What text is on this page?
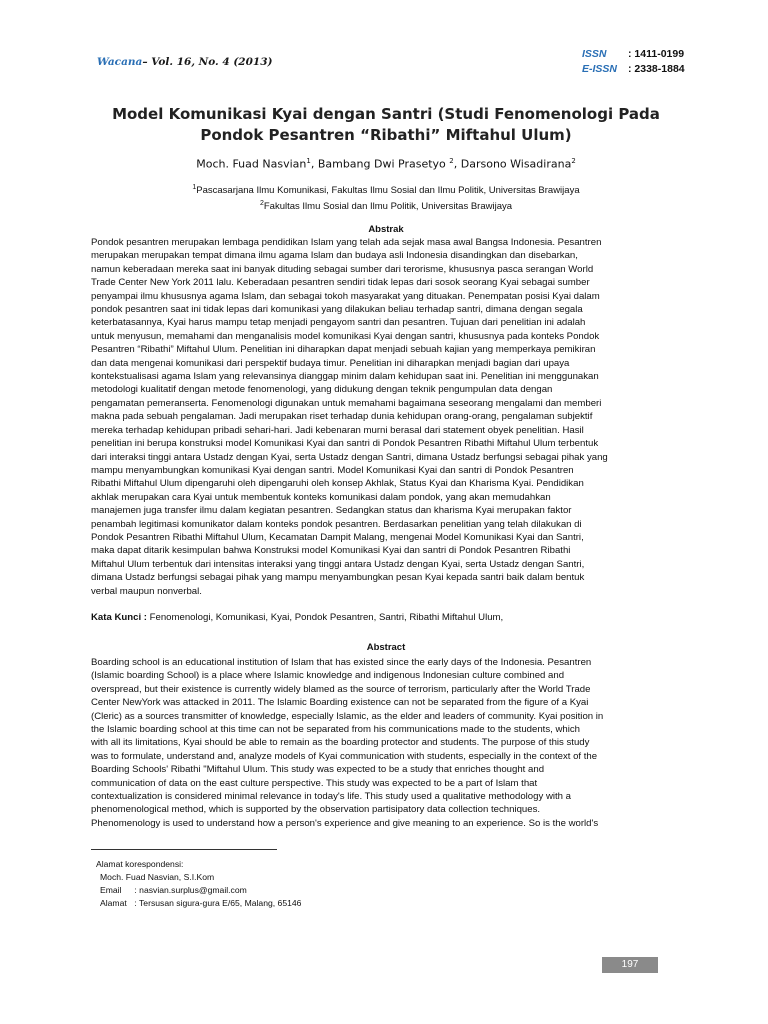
Wacana– Vol. 16, No. 4 (2013)
ISSN	: 1411-0199
E-ISSN	: 2338-1884
Model Komunikasi Kyai dengan Santri (Studi Fenomenologi Pada
Pondok Pesantren “Ribathi” Miftahul Ulum)
Moch. Fuad Nasvian$^1$, Bambang Dwi Prasetyo $^2$, Darsono Wisadirana$^2$
$^1$Pascasarjana Ilmu Komunikasi, Fakultas Ilmu Sosial dan Ilmu Politik, Universitas Brawijaya
$^2$Fakultas Ilmu Sosial dan Ilmu Politik, Universitas Brawijaya
Abstrak
Pondok pesantren merupakan lembaga pendidikan Islam yang telah ada sejak masa awal Bangsa Indonesia. Pesantren
merupakan merupakan tempat dimana ilmu agama Islam dan budaya asli Indonesia disandingkan dan disebarkan,
namun keberadaan mereka saat ini banyak dituding sebagai sumber dari terorisme, khususnya pasca serangan World
Trade Center New York 2011 lalu. Keberadaan pesantren sendiri tidak lepas dari sosok seorang Kyai sebagai sumber
penyampai ilmu khususnya agama Islam, dan sebagai tokoh masyarakat yang dituakan. Penempatan posisi Kyai dalam
pondok pesantren saat ini tidak lepas dari komunikasi yang dilakukan beliau terhadap santri, dimana dengan segala
keterbatasannya, Kyai harus mampu tetap menjadi pengayom santri dan pesantren. Tujuan dari penelitian ini adalah
untuk menyusun, memahami dan menganalisis model komunikasi Kyai dengan santri, khususnya pada konteks Pondok
Pesantren “Ribathi” Miftahul Ulum. Penelitian ini diharapkan dapat menjadi sebuah kajian yang memperkaya pemikiran
dan data mengenai komunikasi dari perspektif budaya timur. Penelitian ini diharapkan menjadi bagian dari upaya
kontekstualisasi agama Islam yang relevansinya dianggap minim dalam kehidupan saat ini. Penelitian ini menggunakan
metodologi kualitatif dengan metode fenomenologi, yang didukung dengan teknik pengumpulan data dengan
pengamatan pemeranserta. Fenomenologi digunakan untuk memahami bagaimana seseorang mengalami dan memberi
makna pada sebuah pengalaman. Jadi merupakan riset terhadap dunia kehidupan orang-orang, pengalaman subjektif
mereka terhadap kehidupan pribadi sehari-hari. Jadi kebenaran murni berasal dari statement obyek penelitian. Hasil
penelitian ini berupa konstruksi model Komunikasi Kyai dan santri di Pondok Pesantren Ribathi Miftahul Ulum terbentuk
dari interaksi tinggi antara Ustadz dengan Kyai, serta Ustadz dengan Santri, dimana Ustadz berfungsi sebagai pihak yang
mampu menyambungkan komunikasi Kyai dengan santri. Model Komunikasi Kyai dan santri di Pondok Pesantren
Ribathi Miftahul Ulum dipengaruhi oleh dipengaruhi oleh konsep Akhlak, Status Kyai dan Kharisma Kyai. Pendidikan
akhlak merupakan cara Kyai untuk membentuk konteks komunikasi dalam pondok, yang akan memudahkan
manajemen juga transfer ilmu dalam kegiatan pesantren. Sedangkan status dan kharisma Kyai merupakan faktor
penambah legitimasi komunikator dalam konteks pondok pesantren. Berdasarkan penelitian yang telah dilakukan di
Pondok Pesantren Ribathi Miftahul Ulum, Kecamatan Dampit Malang, mengenai Model Komunikasi Kyai dan Santri,
maka dapat ditarik kesimpulan bahwa Konstruksi model Komunikasi Kyai dan santri di Pondok Pesantren Ribathi
Miftahul Ulum terbentuk dari intensitas interaksi yang tinggi antara Ustadz dengan Kyai, serta Ustadz dengan Santri,
dimana Ustadz berfungsi sebagai pihak yang mampu menyambungkan pesan Kyai kepada santri baik dalam bentuk
verbal maupun nonverbal.
Kata Kunci : Fenomenologi, Komunikasi, Kyai, Pondok Pesantren, Santri, Ribathi Miftahul Ulum,
Abstract
Boarding school is an educational institution of Islam that has existed since the early days of the Indonesia. Pesantren
(Islamic boarding School) is a place where Islamic knowledge and indigenous Indonesian culture combined and
overspread, but their existence is currently widely blamed as the source of terrorism, particularly after the World Trade
Center NewYork was attacked in 2011. The Islamic Boarding existence can not be separated from the figure of a Kyai
(Cleric) as a sources transmitter of knowledge, especially Islamic, as the elder and leaders of community. Kyai position in
the Islamic boarding school at this time can not be separated from his communications made to the students, which
with all its limitations, Kyai should be able to remain as the boarding protector and students. The purpose of this study
was to formulate, understand and, analyze models of Kyai communication with students, especially in the context of the
Boarding Schools' Ribathi "Miftahul Ulum. This study was expected to be a study that enriches thought and
communication of data on the east culture perspective. This study was expected to be a part of Islam that
contextualization is considered minimal relevance in today's life. This study used a qualitative methodology with a
phenomenological method, which is supported by the observation partisipatory data collection techniques.
Phenomenology is used to understand how a person's experience and give meaning to an experience. So is the world's
Alamat korespondensi:
Moch. Fuad Nasvian, S.I.Kom
Email : nasvian.surplus@gmail.com
Alamat : Tersusan sigura-gura E/65, Malang, 65146
197
